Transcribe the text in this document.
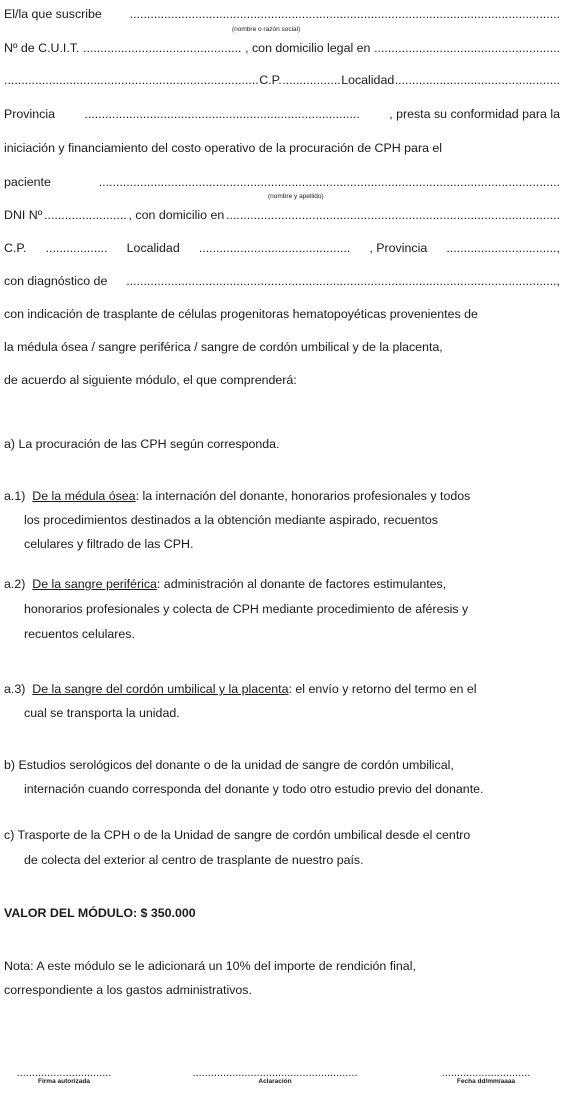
El/la que suscribe .............................................................................................................................
(nombre o razón social)
Nº de C.U.I.T. .............................................. , con domicilio legal en ......................................................
.......................................................................... C.P. ................. Localidad ................................................
Provincia ................................................................................ , presta su conformidad para la
iniciación y financiamiento del costo operativo de la procuración de CPH para el
paciente	......................................................................................................................................
(nombre y apellido)
DNI Nº ........................ , con domicilio en .................................................................................................
C.P. .................. Localidad ............................................ , Provincia ................................,
con diagnóstico de .............................................................................................................................,
con indicación de trasplante de células progenitoras hematopoyéticas provenientes de
la médula ósea / sangre periférica / sangre de cordón umbilical y de la placenta,
de acuerdo al siguiente módulo, el que comprenderá:
a) La procuración de las CPH según corresponda.
a.1) De la médula ósea: la internación del donante, honorarios profesionales y todos
los procedimientos destinados a la obtención mediante aspirado, recuentos
celulares y filtrado de las CPH.
a.2) De la sangre periférica: administración al donante de factores estimulantes,
honorarios profesionales y colecta de CPH mediante procedimiento de aféresis y
recuentos celulares.
a.3) De la sangre del cordón umbilical y la placenta: el envío y retorno del termo en el
cual se transporta la unidad.
b) Estudios serológicos del donante o de la unidad de sangre de cordón umbilical,
internación cuando corresponda del donante y todo otro estudio previo del donante.
c) Trasporte de la CPH o de la Unidad de sangre de cordón umbilical desde el centro
de colecta del exterior al centro de trasplante de nuestro país.
VALOR DEL MÓDULO: $ 350.000
Nota: A este módulo se le adicionará un 10% del importe de rendición final,
correspondiente a los gastos administrativos.
...............................
Firma autorizada
......................................................
Aclaración
.............................
Fecha dd/mm/aaaa
